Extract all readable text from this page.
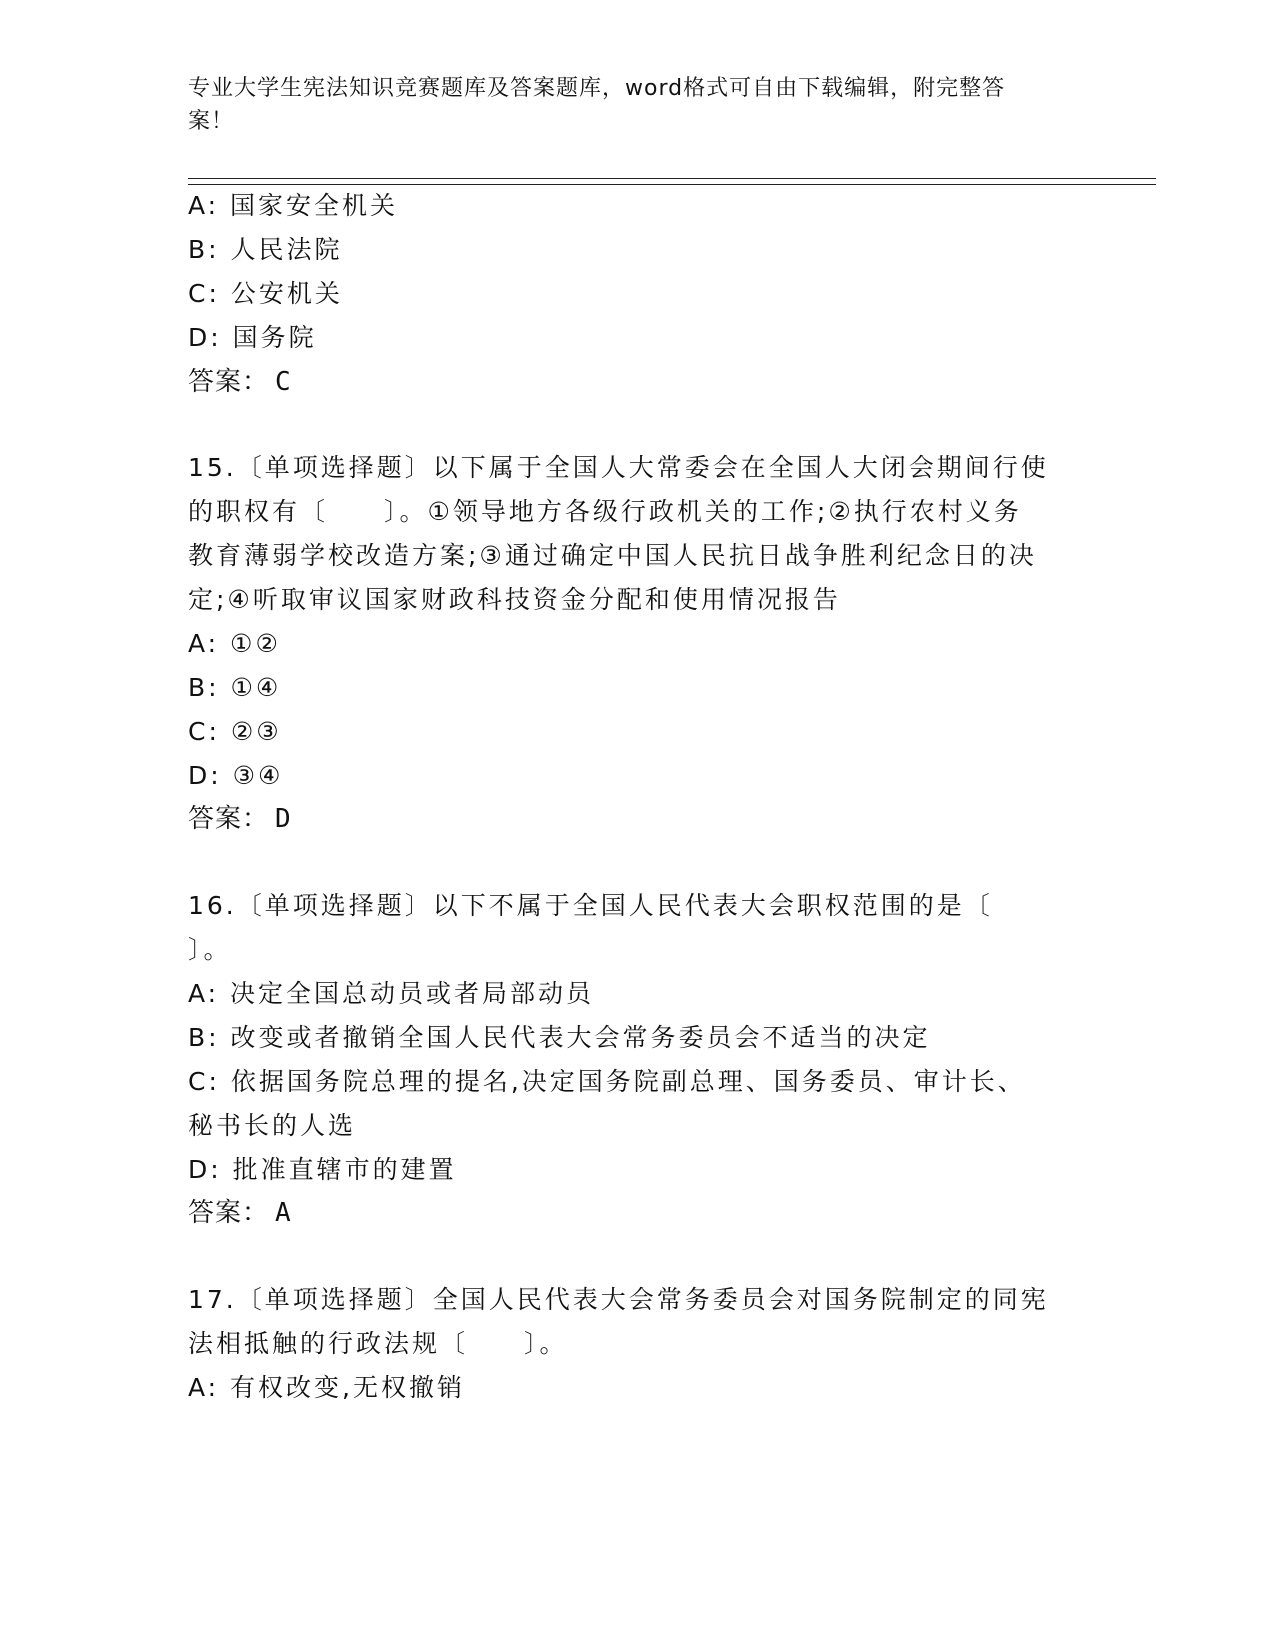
专业大学生宪法知识竞赛题库及答案题库，word格式可自由下载编辑，附完整答
案！
A: 国家安全机关
B: 人民法院
C: 公安机关
D: 国务院
答案： C
15.〔单项选择题〕以下属于全国人大常委会在全国人大闭会期间行使
的职权有〔　　〕。①领导地方各级行政机关的工作;②执行农村义务
教育薄弱学校改造方案;③通过确定中国人民抗日战争胜利纪念日的决
定;④听取审议国家财政科技资金分配和使用情况报告
A: ①②
B: ①④
C: ②③
D: ③④
答案： D
16.〔单项选择题〕以下不属于全国人民代表大会职权范围的是〔
〕。
A: 决定全国总动员或者局部动员
B: 改变或者撤销全国人民代表大会常务委员会不适当的决定
C: 依据国务院总理的提名,决定国务院副总理、国务委员、审计长、
秘书长的人选
D: 批准直辖市的建置
答案： A
17.〔单项选择题〕全国人民代表大会常务委员会对国务院制定的同宪
法相抵触的行政法规〔　　〕。
A: 有权改变,无权撤销
